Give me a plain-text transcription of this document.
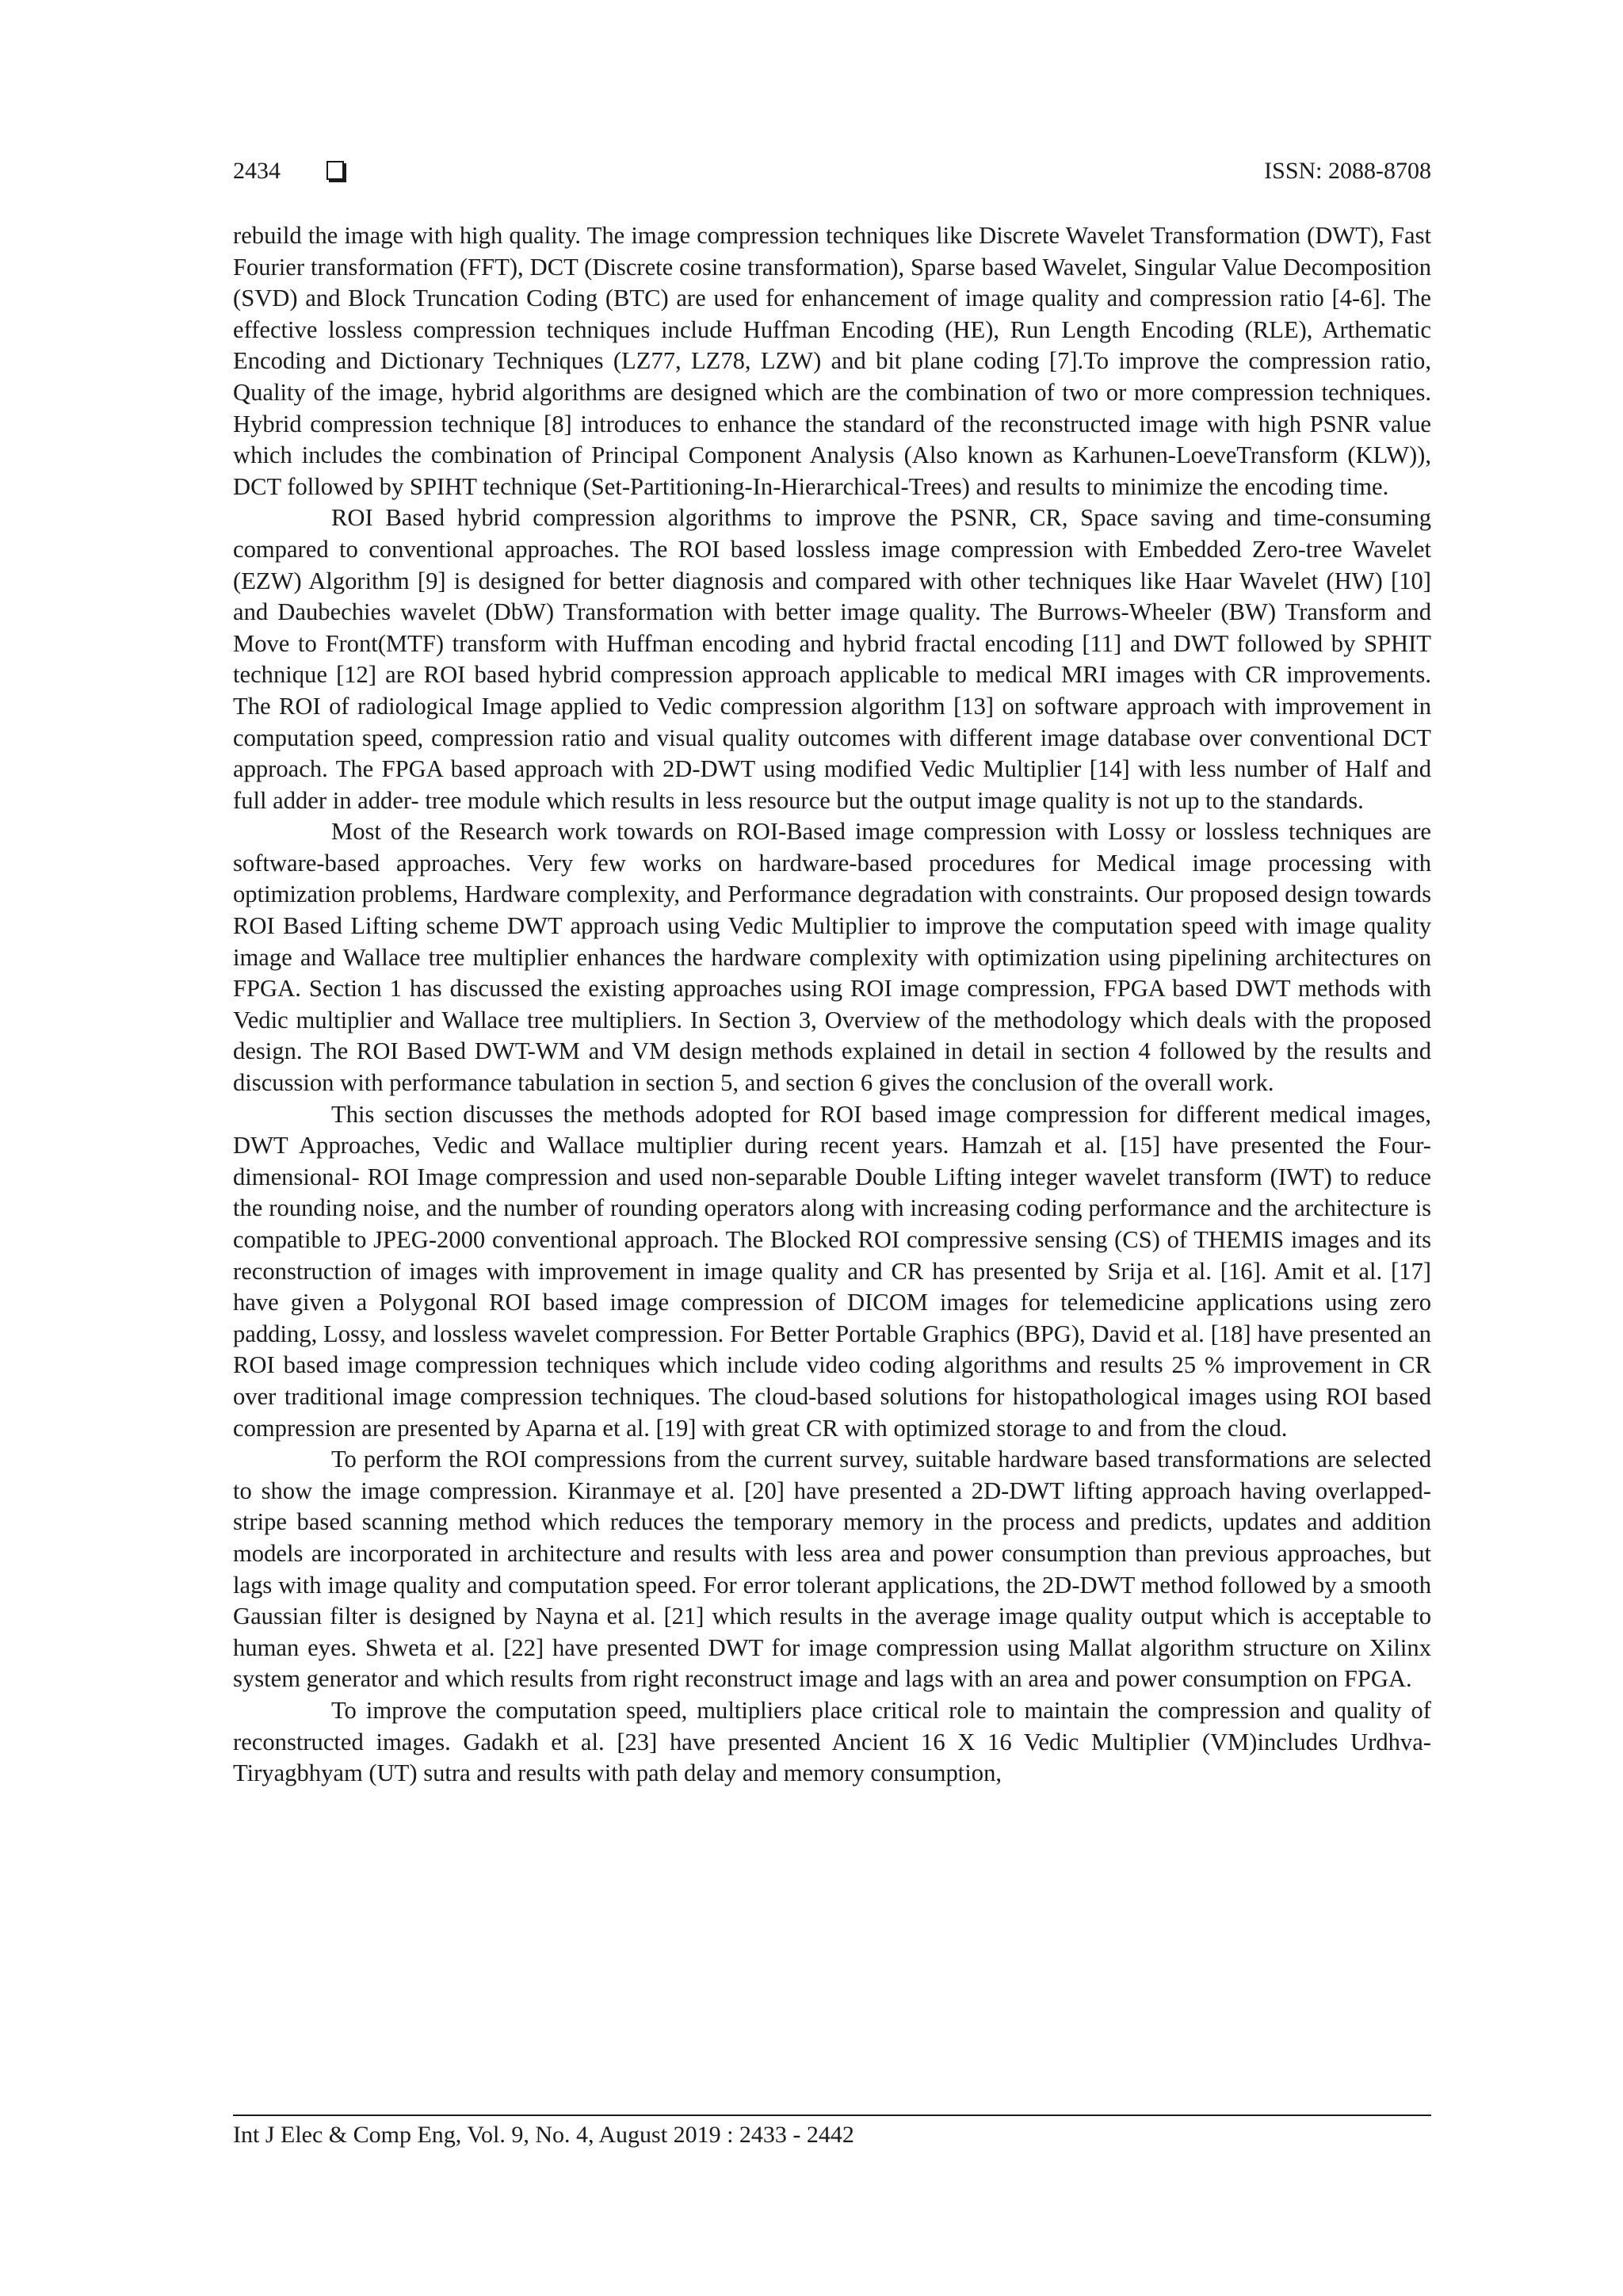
2434	ISSN: 2088-8708

rebuild the image with high quality. The image compression techniques like Discrete Wavelet Transformation (DWT), Fast Fourier transformation (FFT), DCT (Discrete cosine transformation), Sparse based Wavelet, Singular Value Decomposition (SVD) and Block Truncation Coding (BTC) are used for enhancement of image quality and compression ratio [4-6]. The effective lossless compression techniques include Huffman Encoding (HE), Run Length Encoding (RLE), Arthematic Encoding and Dictionary Techniques (LZ77, LZ78, LZW) and bit plane coding [7].To improve the compression ratio, Quality of the image, hybrid algorithms are designed which are the combination of two or more compression techniques. Hybrid compression technique [8] introduces to enhance the standard of the reconstructed image with high PSNR value which includes the combination of Principal Component Analysis (Also known as Karhunen-LoeveTransform (KLW)), DCT followed by SPIHT technique (Set-Partitioning-In-Hierarchical-Trees) and results to minimize the encoding time.

ROI Based hybrid compression algorithms to improve the PSNR, CR, Space saving and time-consuming compared to conventional approaches. The ROI based lossless image compression with Embedded Zero-tree Wavelet (EZW) Algorithm [9] is designed for better diagnosis and compared with other techniques like Haar Wavelet (HW) [10] and Daubechies wavelet (DbW) Transformation with better image quality. The Burrows-Wheeler (BW) Transform and Move to Front(MTF) transform with Huffman encoding and hybrid fractal encoding [11] and DWT followed by SPHIT technique [12] are ROI based hybrid compression approach applicable to medical MRI images with CR improvements. The ROI of radiological Image applied to Vedic compression algorithm [13] on software approach with improvement in computation speed, compression ratio and visual quality outcomes with different image database over conventional DCT approach. The FPGA based approach with 2D-DWT using modified Vedic Multiplier [14] with less number of Half and full adder in adder- tree module which results in less resource but the output image quality is not up to the standards.

Most of the Research work towards on ROI-Based image compression with Lossy or lossless techniques are software-based approaches. Very few works on hardware-based procedures for Medical image processing with optimization problems, Hardware complexity, and Performance degradation with constraints. Our proposed design towards ROI Based Lifting scheme DWT approach using Vedic Multiplier to improve the computation speed with image quality image and Wallace tree multiplier enhances the hardware complexity with optimization using pipelining architectures on FPGA. Section 1 has discussed the existing approaches using ROI image compression, FPGA based DWT methods with Vedic multiplier and Wallace tree multipliers. In Section 3, Overview of the methodology which deals with the proposed design. The ROI Based DWT-WM and VM design methods explained in detail in section 4 followed by the results and discussion with performance tabulation in section 5, and section 6 gives the conclusion of the overall work.

This section discusses the methods adopted for ROI based image compression for different medical images, DWT Approaches, Vedic and Wallace multiplier during recent years. Hamzah et al. [15] have presented the Four-dimensional- ROI Image compression and used non-separable Double Lifting integer wavelet transform (IWT) to reduce the rounding noise, and the number of rounding operators along with increasing coding performance and the architecture is compatible to JPEG-2000 conventional approach. The Blocked ROI compressive sensing (CS) of THEMIS images and its reconstruction of images with improvement in image quality and CR has presented by Srija et al. [16]. Amit et al. [17] have given a Polygonal ROI based image compression of DICOM images for telemedicine applications using zero padding, Lossy, and lossless wavelet compression. For Better Portable Graphics (BPG), David et al. [18] have presented an ROI based image compression techniques which include video coding algorithms and results 25 % improvement in CR over traditional image compression techniques. The cloud-based solutions for histopathological images using ROI based compression are presented by Aparna et al. [19] with great CR with optimized storage to and from the cloud.

To perform the ROI compressions from the current survey, suitable hardware based transformations are selected to show the image compression. Kiranmaye et al. [20] have presented a 2D-DWT lifting approach having overlapped-stripe based scanning method which reduces the temporary memory in the process and predicts, updates and addition models are incorporated in architecture and results with less area and power consumption than previous approaches, but lags with image quality and computation speed. For error tolerant applications, the 2D-DWT method followed by a smooth Gaussian filter is designed by Nayna et al. [21] which results in the average image quality output which is acceptable to human eyes. Shweta et al. [22] have presented DWT for image compression using Mallat algorithm structure on Xilinx system generator and which results from right reconstruct image and lags with an area and power consumption on FPGA.

To improve the computation speed, multipliers place critical role to maintain the compression and quality of reconstructed images. Gadakh et al. [23] have presented Ancient 16 X 16 Vedic Multiplier (VM)includes Urdhva-Tiryagbhyam (UT) sutra and results with path delay and memory consumption,

Int J Elec & Comp Eng, Vol. 9, No. 4, August 2019 : 2433 - 2442
